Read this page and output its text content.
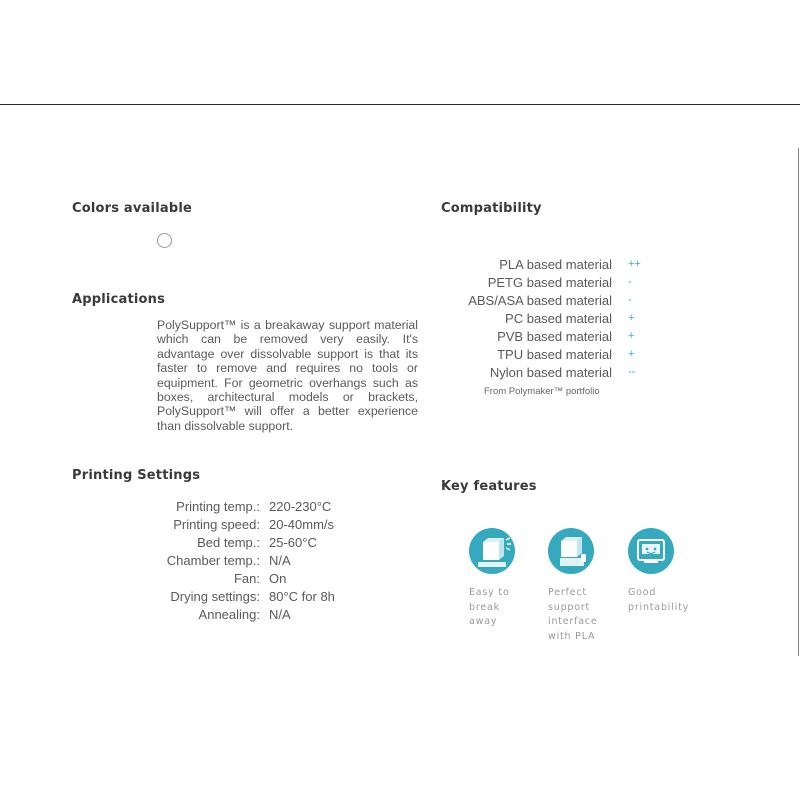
Colors available
Applications
PolySupport™ is a breakaway support material which can be removed very easily. It's advantage over dissolvable support is that its faster to remove and requires no tools or equipment. For geometric overhangs such as boxes, architectural models or brackets, PolySupport™ will offer a better experience than dissolvable support.
Printing Settings
Printing temp.: 220-230°C
Printing speed: 20-40mm/s
Bed temp.: 25-60°C
Chamber temp.: N/A
Fan: On
Drying settings: 80°C for 8h
Annealing: N/A
Compatibility
PLA based material	++
PETG based material	-
ABS/ASA based material	-
PC based material	+
PVB based material	+
TPU based material	+
Nylon based material	--
From Polymaker™ portfolio
Key features
Easy to break
away
Perfect
support
interface
with PLA
Good
printability
